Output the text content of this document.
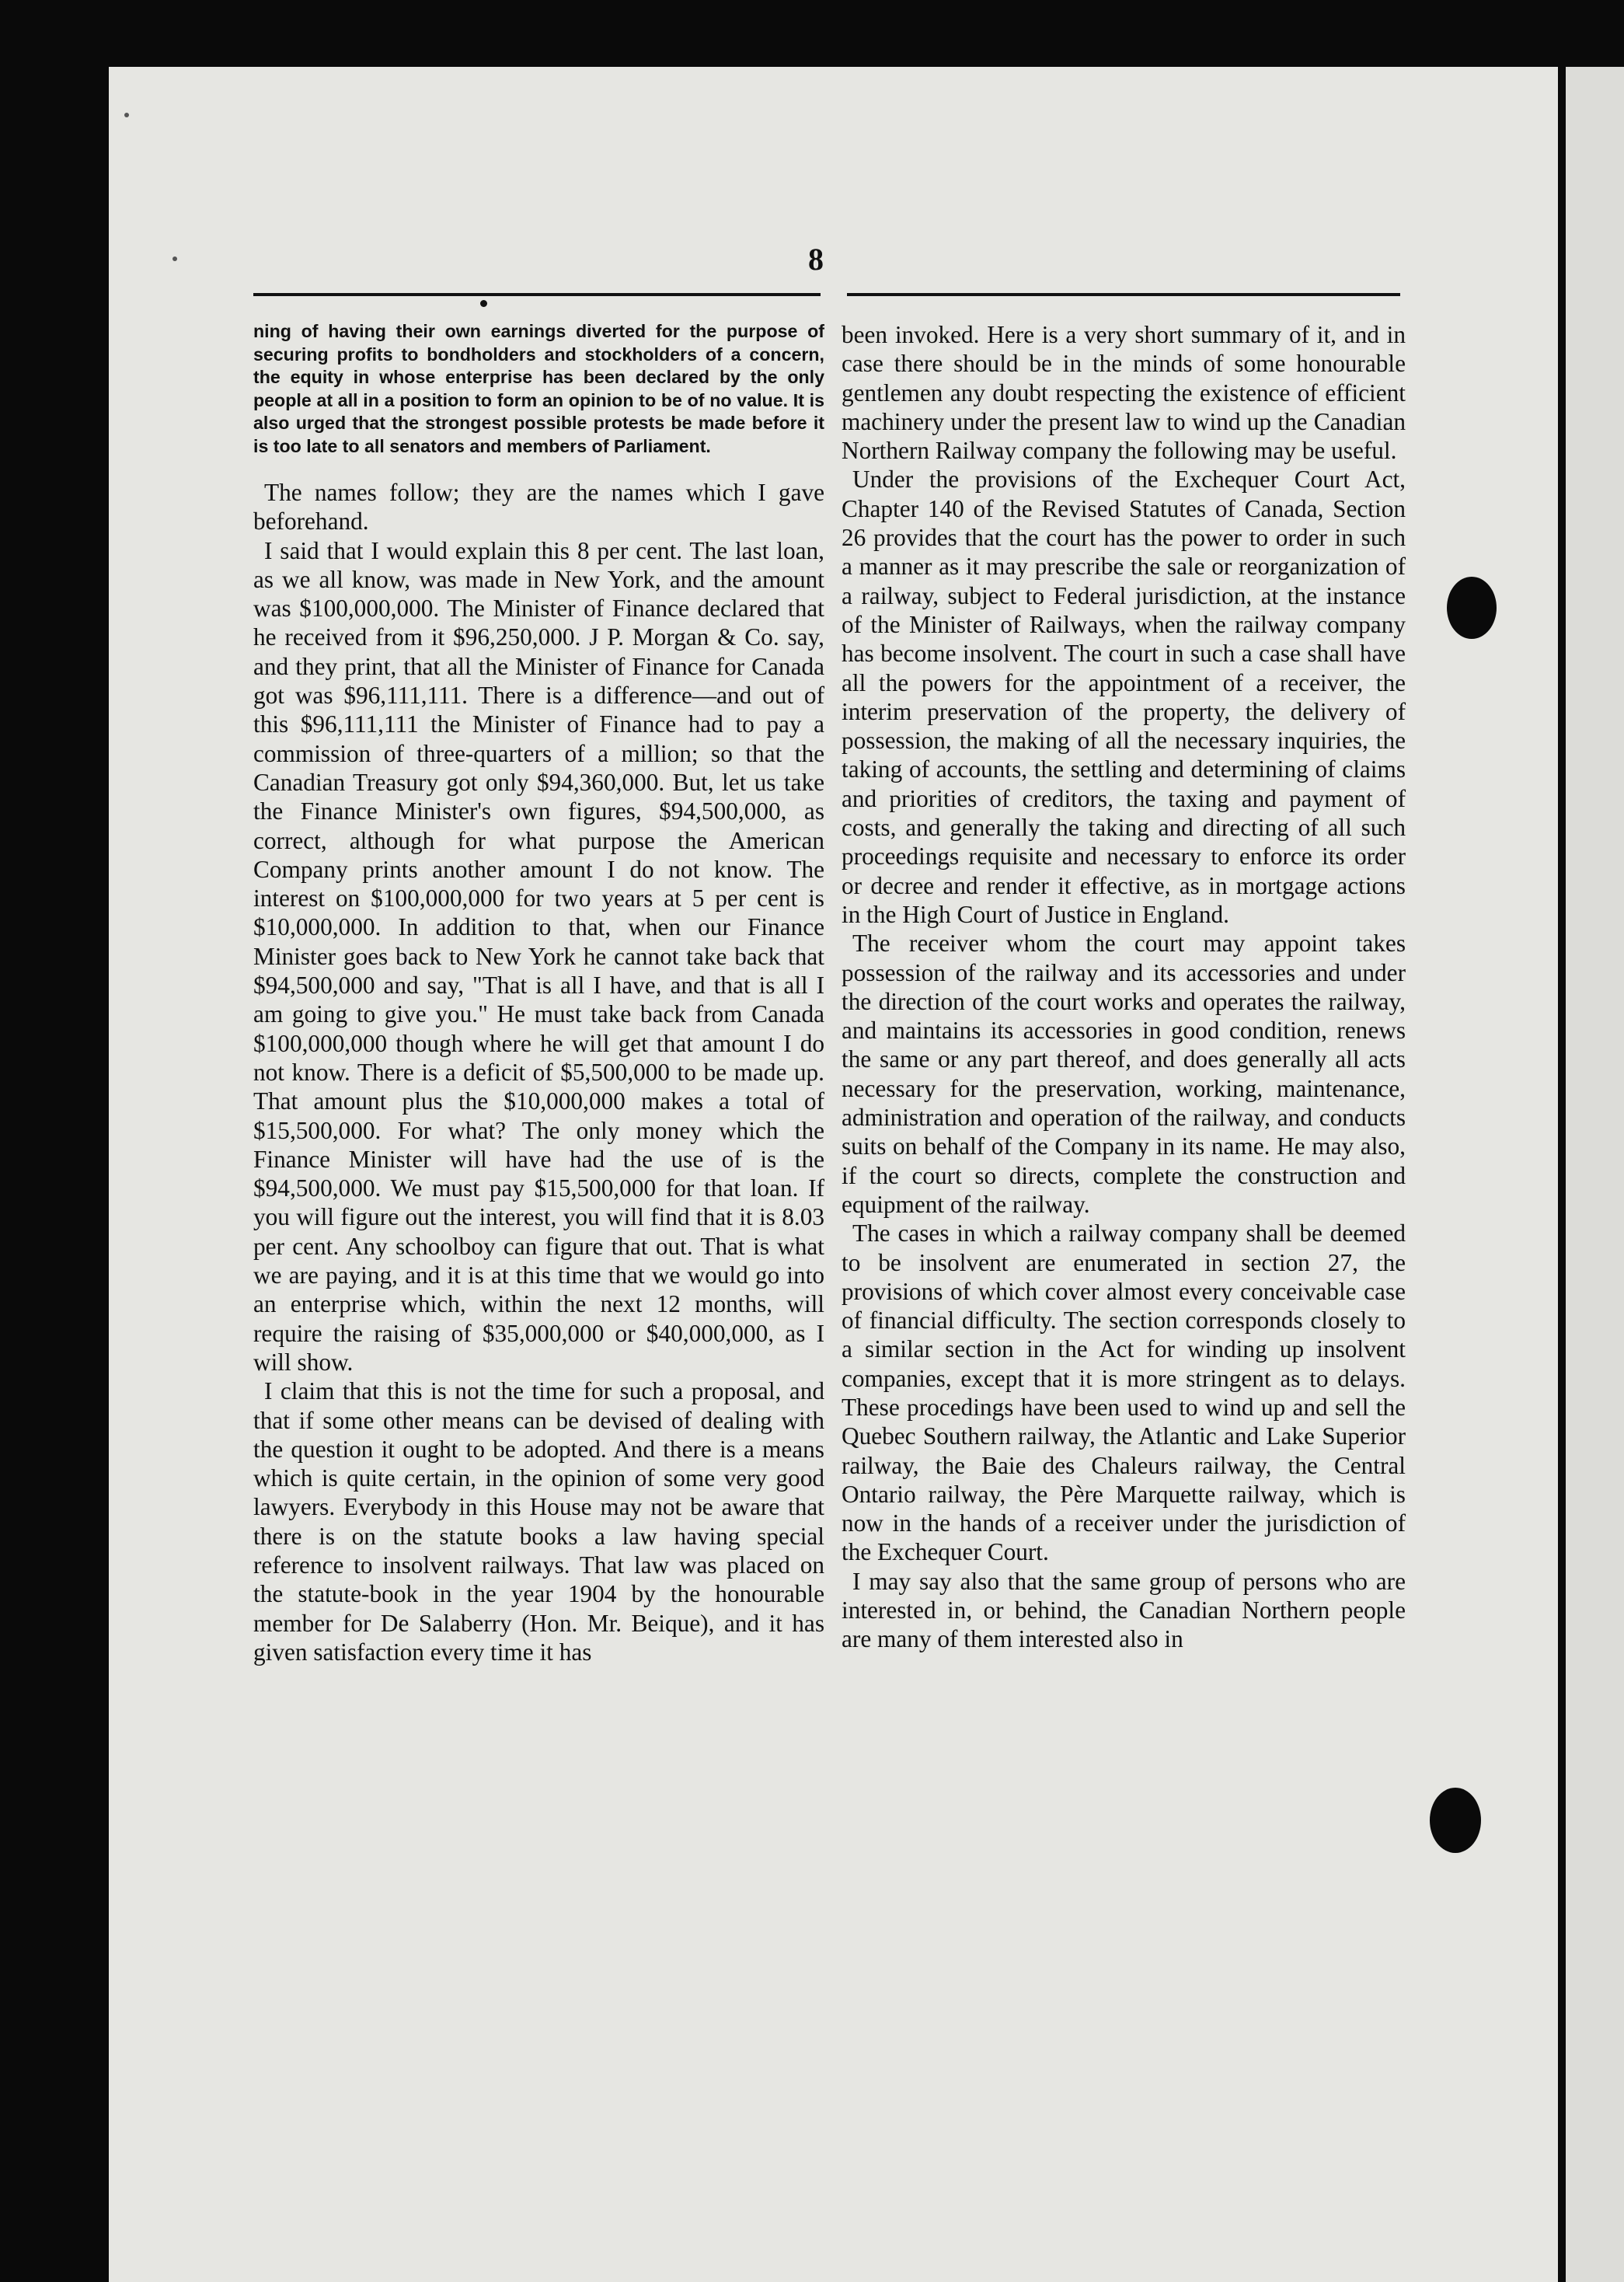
8

ning of having their own earnings diverted for the purpose of securing profits to bondholders and stockholders of a concern, the equity in whose enterprise has been declared by the only people at all in a position to form an opinion to be of no value. It is also urged that the strongest possible protests be made before it is too late to all senators and members of Parliament.

The names follow; they are the names which I gave beforehand.

I said that I would explain this 8 per cent. The last loan, as we all know, was made in New York, and the amount was $100,000,000. The Minister of Finance declared that he received from it $96,250,000. J P. Morgan & Co. say, and they print, that all the Minister of Finance for Canada got was $96,111,111. There is a difference—and out of this $96,111,111 the Minister of Finance had to pay a commission of three-quarters of a million; so that the Canadian Treasury got only $94,360,000. But, let us take the Finance Minister's own figures, $94,500,000, as correct, although for what purpose the American Company prints another amount I do not know. The interest on $100,000,000 for two years at 5 per cent is $10,000,000. In addition to that, when our Finance Minister goes back to New York he cannot take back that $94,500,000 and say, "That is all I have, and that is all I am going to give you." He must take back from Canada $100,000,000 though where he will get that amount I do not know. There is a deficit of $5,500,000 to be made up. That amount plus the $10,000,000 makes a total of $15,500,000. For what? The only money which the Finance Minister will have had the use of is the $94,500,000. We must pay $15,500,000 for that loan. If you will figure out the interest, you will find that it is 8.03 per cent. Any schoolboy can figure that out. That is what we are paying, and it is at this time that we would go into an enterprise which, within the next 12 months, will require the raising of $35,000,000 or $40,000,000, as I will show.

I claim that this is not the time for such a proposal, and that if some other means can be devised of dealing with the question it ought to be adopted. And there is a means which is quite certain, in the opinion of some very good lawyers. Everybody in this House may not be aware that there is on the statute books a law having special reference to insolvent railways. That law was placed on the statute-book in the year 1904 by the honourable member for De Salaberry (Hon. Mr. Beique), and it has given satisfaction every time it has

been invoked. Here is a very short summary of it, and in case there should be in the minds of some honourable gentlemen any doubt respecting the existence of efficient machinery under the present law to wind up the Canadian Northern Railway company the following may be useful.

Under the provisions of the Exchequer Court Act, Chapter 140 of the Revised Statutes of Canada, Section 26 provides that the court has the power to order in such a manner as it may prescribe the sale or reorganization of a railway, subject to Federal jurisdiction, at the instance of the Minister of Railways, when the railway company has become insolvent. The court in such a case shall have all the powers for the appointment of a receiver, the interim preservation of the property, the delivery of possession, the making of all the necessary inquiries, the taking of accounts, the settling and determining of claims and priorities of creditors, the taxing and payment of costs, and generally the taking and directing of all such proceedings requisite and necessary to enforce its order or decree and render it effective, as in mortgage actions in the High Court of Justice in England.

The receiver whom the court may appoint takes possession of the railway and its accessories and under the direction of the court works and operates the railway, and maintains its accessories in good condition, renews the same or any part thereof, and does generally all acts necessary for the preservation, working, maintenance, administration and operation of the railway, and conducts suits on behalf of the Company in its name. He may also, if the court so directs, complete the construction and equipment of the railway.

The cases in which a railway company shall be deemed to be insolvent are enumerated in section 27, the provisions of which cover almost every conceivable case of financial difficulty. The section corresponds closely to a similar section in the Act for winding up insolvent companies, except that it is more stringent as to delays. These procedings have been used to wind up and sell the Quebec Southern railway, the Atlantic and Lake Superior railway, the Baie des Chaleurs railway, the Central Ontario railway, the Père Marquette railway, which is now in the hands of a receiver under the jurisdiction of the Exchequer Court.

I may say also that the same group of persons who are interested in, or behind, the Canadian Northern people are many of them interested also in
